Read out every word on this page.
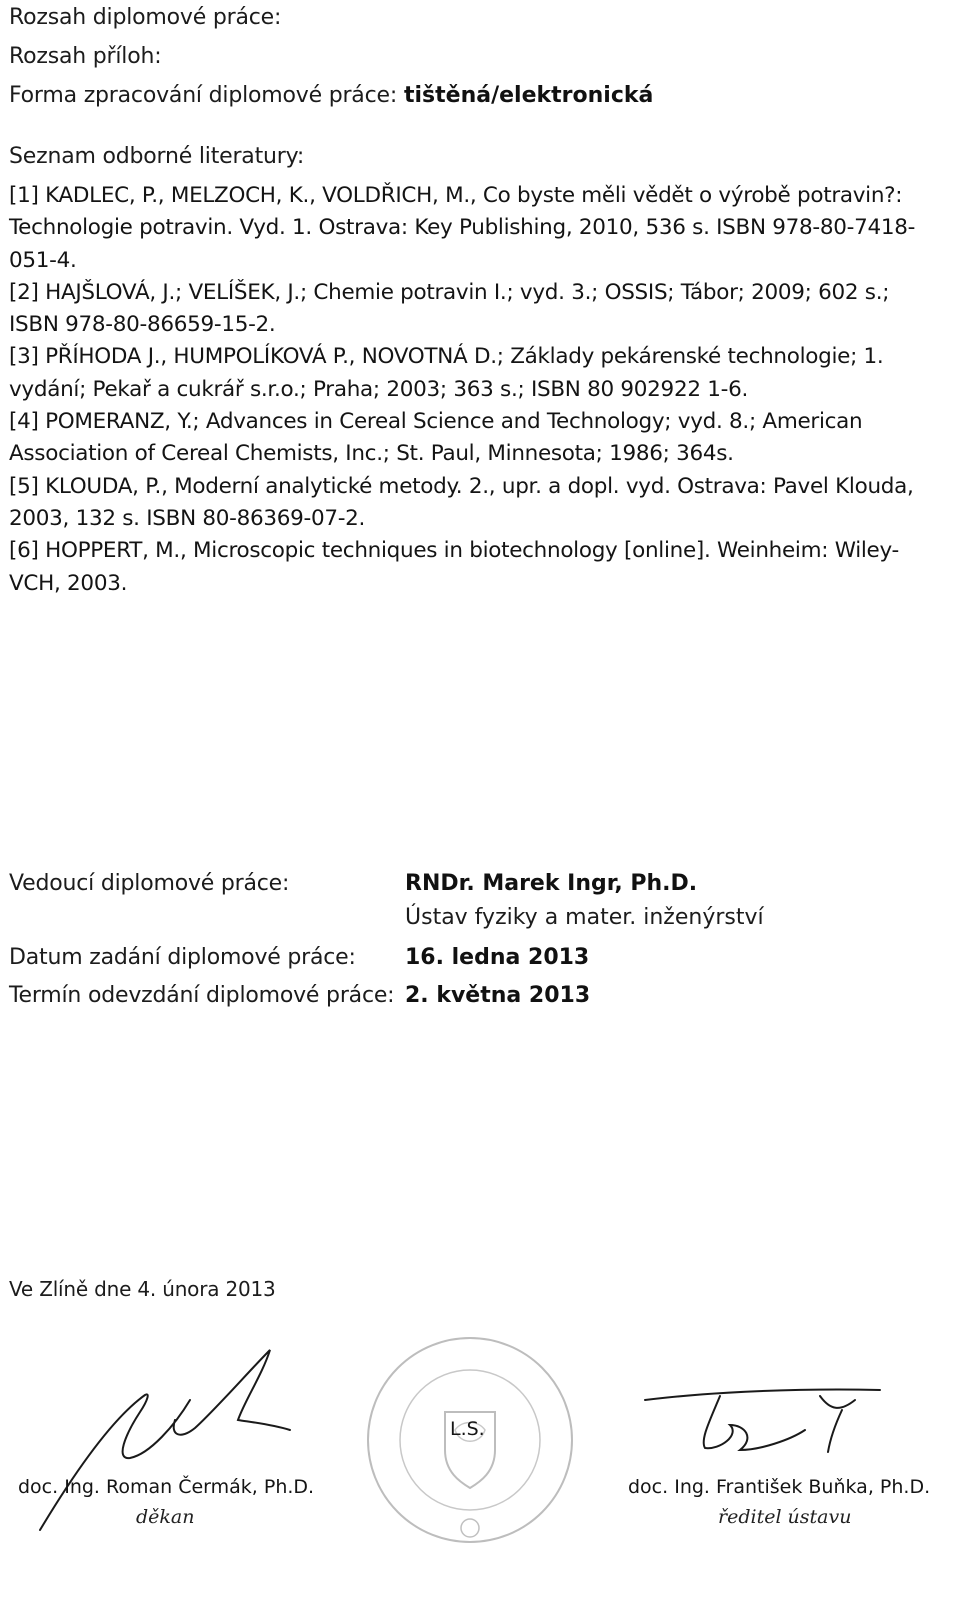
Rozsah diplomové práce:
Rozsah příloh:
Forma zpracování diplomové práce: tištěná/elektronická
Seznam odborné literatury:
[1] KADLEC, P., MELZOCH, K., VOLDŘICH, M., Co byste měli vědět o výrobě potravin?: Technologie potravin. Vyd. 1. Ostrava: Key Publishing, 2010, 536 s. ISBN 978-80-7418-051-4.
[2] HAJŠLOVÁ, J.; VELÍŠEK, J.; Chemie potravin I.; vyd. 3.; OSSIS; Tábor; 2009; 602 s.; ISBN 978-80-86659-15-2.
[3] PŘÍHODA J., HUMPOLÍKOVÁ P., NOVOTNÁ D.; Základy pekárenské technologie; 1. vydání; Pekař a cukrář s.r.o.; Praha; 2003; 363 s.; ISBN 80 902922 1-6.
[4] POMERANZ, Y.; Advances in Cereal Science and Technology; vyd. 8.; American Association of Cereal Chemists, Inc.; St. Paul, Minnesota; 1986; 364s.
[5] KLOUDA, P., Moderní analytické metody. 2., upr. a dopl. vyd. Ostrava: Pavel Klouda, 2003, 132 s. ISBN 80-86369-07-2.
[6] HOPPERT, M., Microscopic techniques in biotechnology [online]. Weinheim: Wiley-VCH, 2003.
Vedoucí diplomové práce:	RNDr. Marek Ingr, Ph.D.
Ústav fyziky a mater. inženýrství
Datum zadání diplomové práce: 16. ledna 2013
Termín odevzdání diplomové práce: 2. května 2013
Ve Zlíně dne 4. února 2013
L.S.
doc. Ing. Roman Čermák, Ph.D.
děkan
doc. Ing. František Buňka, Ph.D.
ředitel ústavu
